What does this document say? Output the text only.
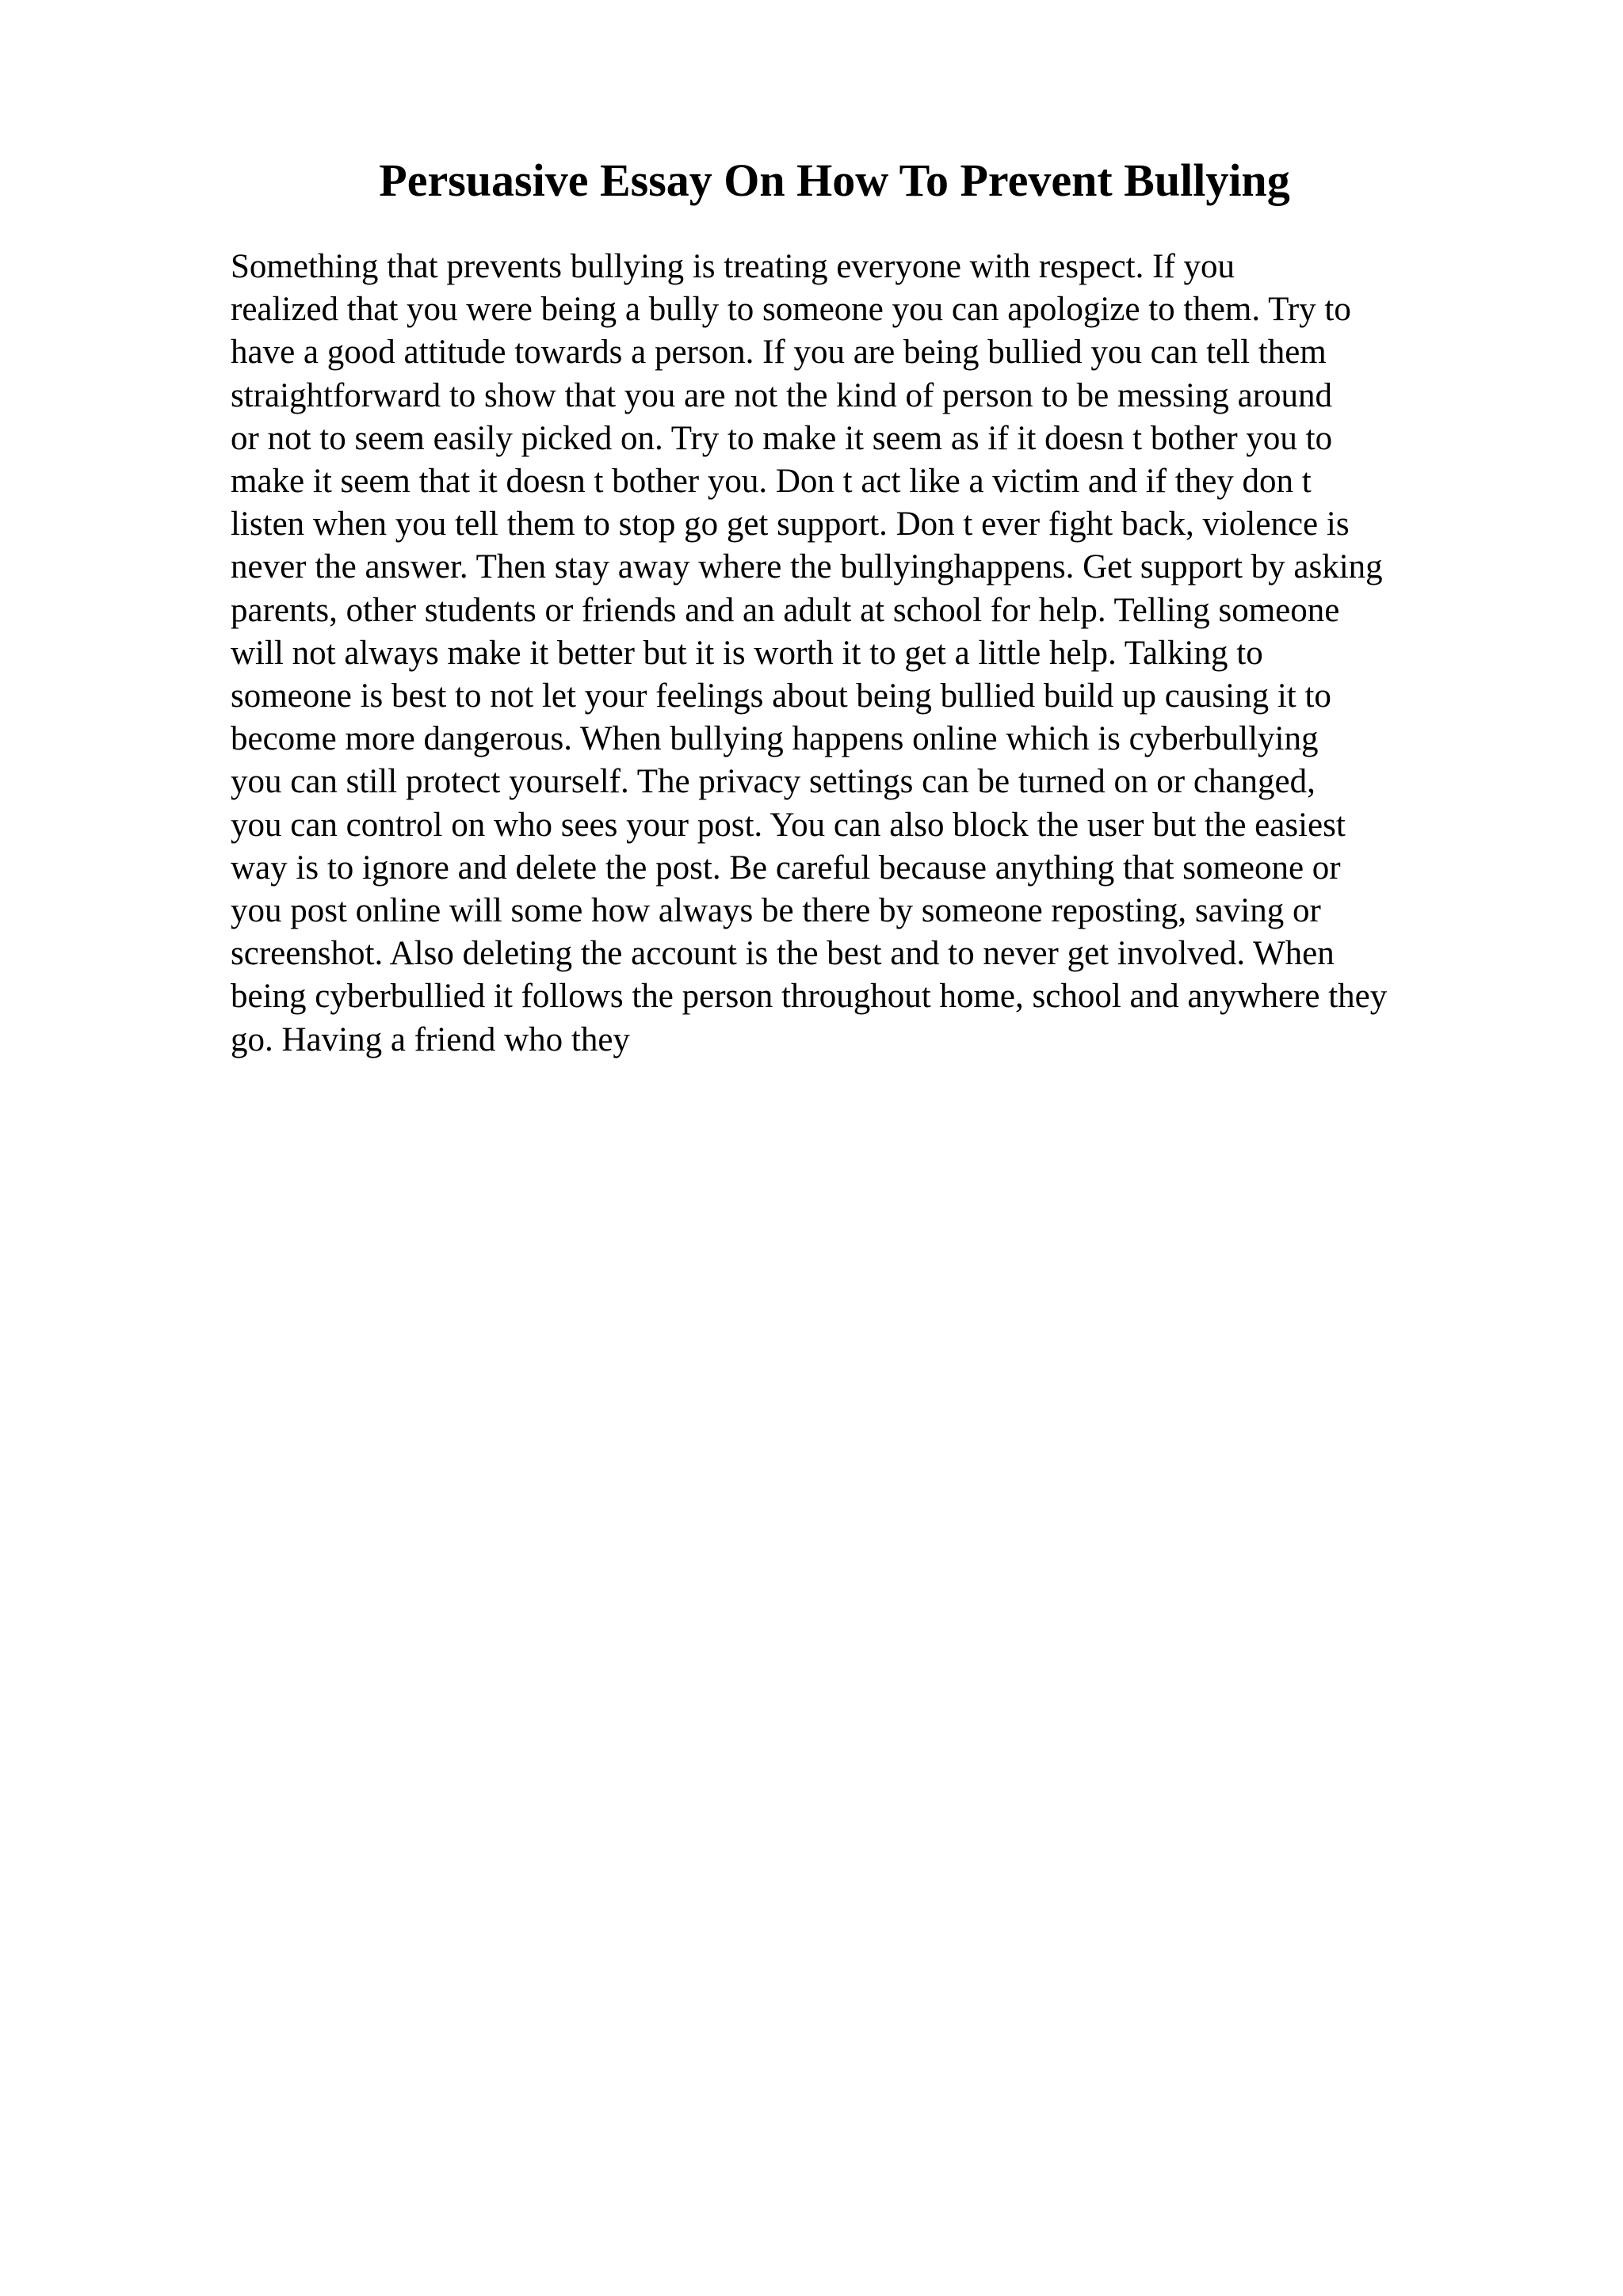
Persuasive Essay On How To Prevent Bullying
Something that prevents bullying is treating everyone with respect. If you
realized that you were being a bully to someone you can apologize to them. Try to
have a good attitude towards a person. If you are being bullied you can tell them
straightforward to show that you are not the kind of person to be messing around
or not to seem easily picked on. Try to make it seem as if it doesn t bother you to
make it seem that it doesn t bother you. Don t act like a victim and if they don t
listen when you tell them to stop go get support. Don t ever fight back, violence is
never the answer. Then stay away where the bullyinghappens. Get support by asking
parents, other students or friends and an adult at school for help. Telling someone
will not always make it better but it is worth it to get a little help. Talking to
someone is best to not let your feelings about being bullied build up causing it to
become more dangerous. When bullying happens online which is cyberbullying
you can still protect yourself. The privacy settings can be turned on or changed,
you can control on who sees your post. You can also block the user but the easiest
way is to ignore and delete the post. Be careful because anything that someone or
you post online will some how always be there by someone reposting, saving or
screenshot. Also deleting the account is the best and to never get involved. When
being cyberbullied it follows the person throughout home, school and anywhere they
go. Having a friend who they
